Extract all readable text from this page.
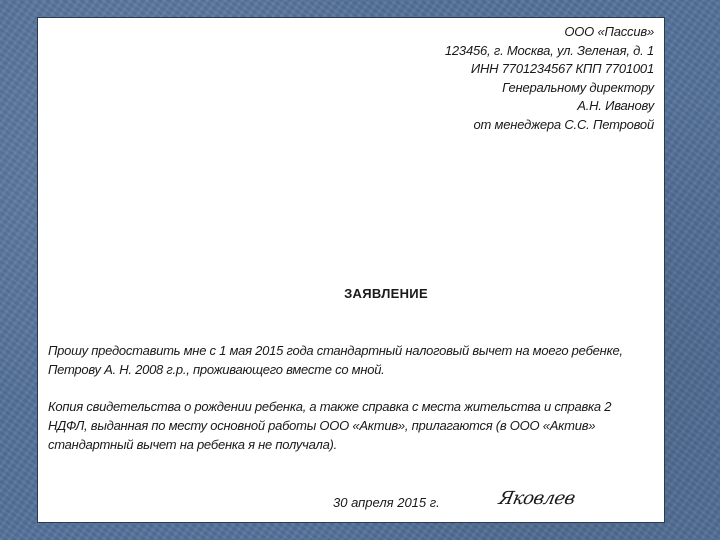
ООО «Пассив»
123456, г. Москва, ул. Зеленая, д. 1
ИНН 7701234567 КПП 7701001
Генеральному директору
А.Н. Иванову
от менеджера С.С. Петровой
ЗАЯВЛЕНИЕ
Прошу предоставить мне с 1 мая 2015 года стандартный налоговый вычет на моего ребенке,
Петрову А. Н. 2008 г.р., проживающего вместе со мной.
Копия свидетельства о рождении ребенка, а также справка с места жительства и справка 2
НДФЛ, выданная по месту основной работы ООО «Актив», прилагаются (в ООО «Актив»
стандартный вычет на ребенка я не получала).
30 апреля 2015 г.	Яковлев
